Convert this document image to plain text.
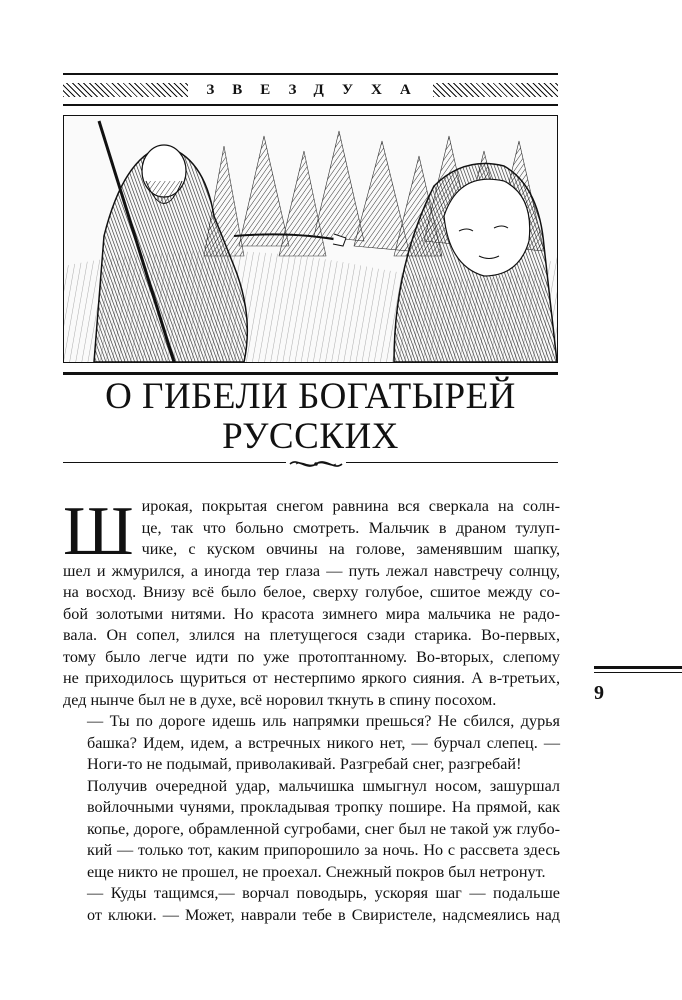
ЗВЕЗДУХА
О ГИБЕЛИ БОГАТЫРЕЙ
РУССКИХ
Ш ирокая, покрытая снегом равнина вся сверкала на солн-
це, так что больно смотреть. Мальчик в драном тулуп-
чике, с куском овчины на голове, заменявшим шапку,
шел и жмурился, а иногда тер глаза — путь лежал навстречу солнцу,
на восход. Внизу всё было белое, сверху голубое, сшитое между со-
бой золотыми нитями. Но красота зимнего мира мальчика не радо-
вала. Он сопел, злился на плетущегося сзади старика. Во-первых,
тому было легче идти по уже протоптанному. Во-вторых, слепому
не приходилось щуриться от нестерпимо яркого сияния. А в-третьих,
дед нынче был не в духе, всё норовил ткнуть в спину посохом.

— Ты по дороге идешь иль напрямки прешься? Не сбился, дурья
башка? Идем, идем, а встречных никого нет, — бурчал слепец. —
Ноги-то не подымай, приволакивай. Разгребай снег, разгребай!

Получив очередной удар, мальчишка шмыгнул носом, зашуршал
войлочными чунями, прокладывая тропку пошире. На прямой, как
копье, дороге, обрамленной сугробами, снег был не такой уж глубо-
кий — только тот, каким припорошило за ночь. Но с рассвета здесь
еще никто не прошел, не проехал. Снежный покров был нетронут.

— Куды тащимся,— ворчал поводырь, ускоряя шаг — подальше
от клюки. — Может, наврали тебе в Свиристеле, надсмеялись над

9
